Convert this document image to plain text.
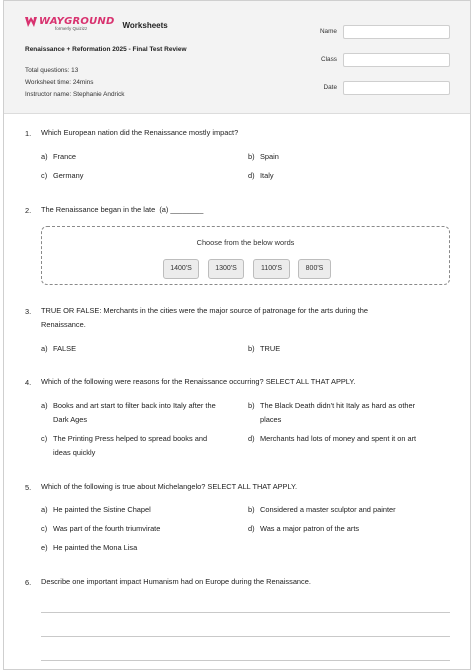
WAYGROUND
formerly Quizizz	Worksheets
Renaissance + Reformation 2025 - Final Test Review
Total questions: 13
Worksheet time: 24mins
Instructor name: Stephanie Andrick
Name
Class
Date
1. Which European nation did the Renaissance mostly impact?
a) France	b) Spain
c) Germany	d) Italy
2. The Renaissance began in the late  (a) ________
Choose from the below words
1400'S	1300'S	1100'S	800'S
3. TRUE OR FALSE: Merchants in the cities were the major source of patronage for the arts during the
Renaissance.
a) FALSE	b) TRUE
4. Which of the following were reasons for the Renaissance occurring? SELECT ALL THAT APPLY.
a) Books and art start to filter back into Italy after the
Dark Ages
b) The Black Death didn't hit Italy as hard as other
places
c) The Printing Press helped to spread books and
ideas quickly
d) Merchants had lots of money and spent it on art
5. Which of the following is true about Michelangelo? SELECT ALL THAT APPLY.
a) He painted the Sistine Chapel	b) Considered a master sculptor and painter
c) Was part of the fourth triumvirate	d) Was a major patron of the arts
e) He painted the Mona Lisa
6. Describe one important impact Humanism had on Europe during the Renaissance.
